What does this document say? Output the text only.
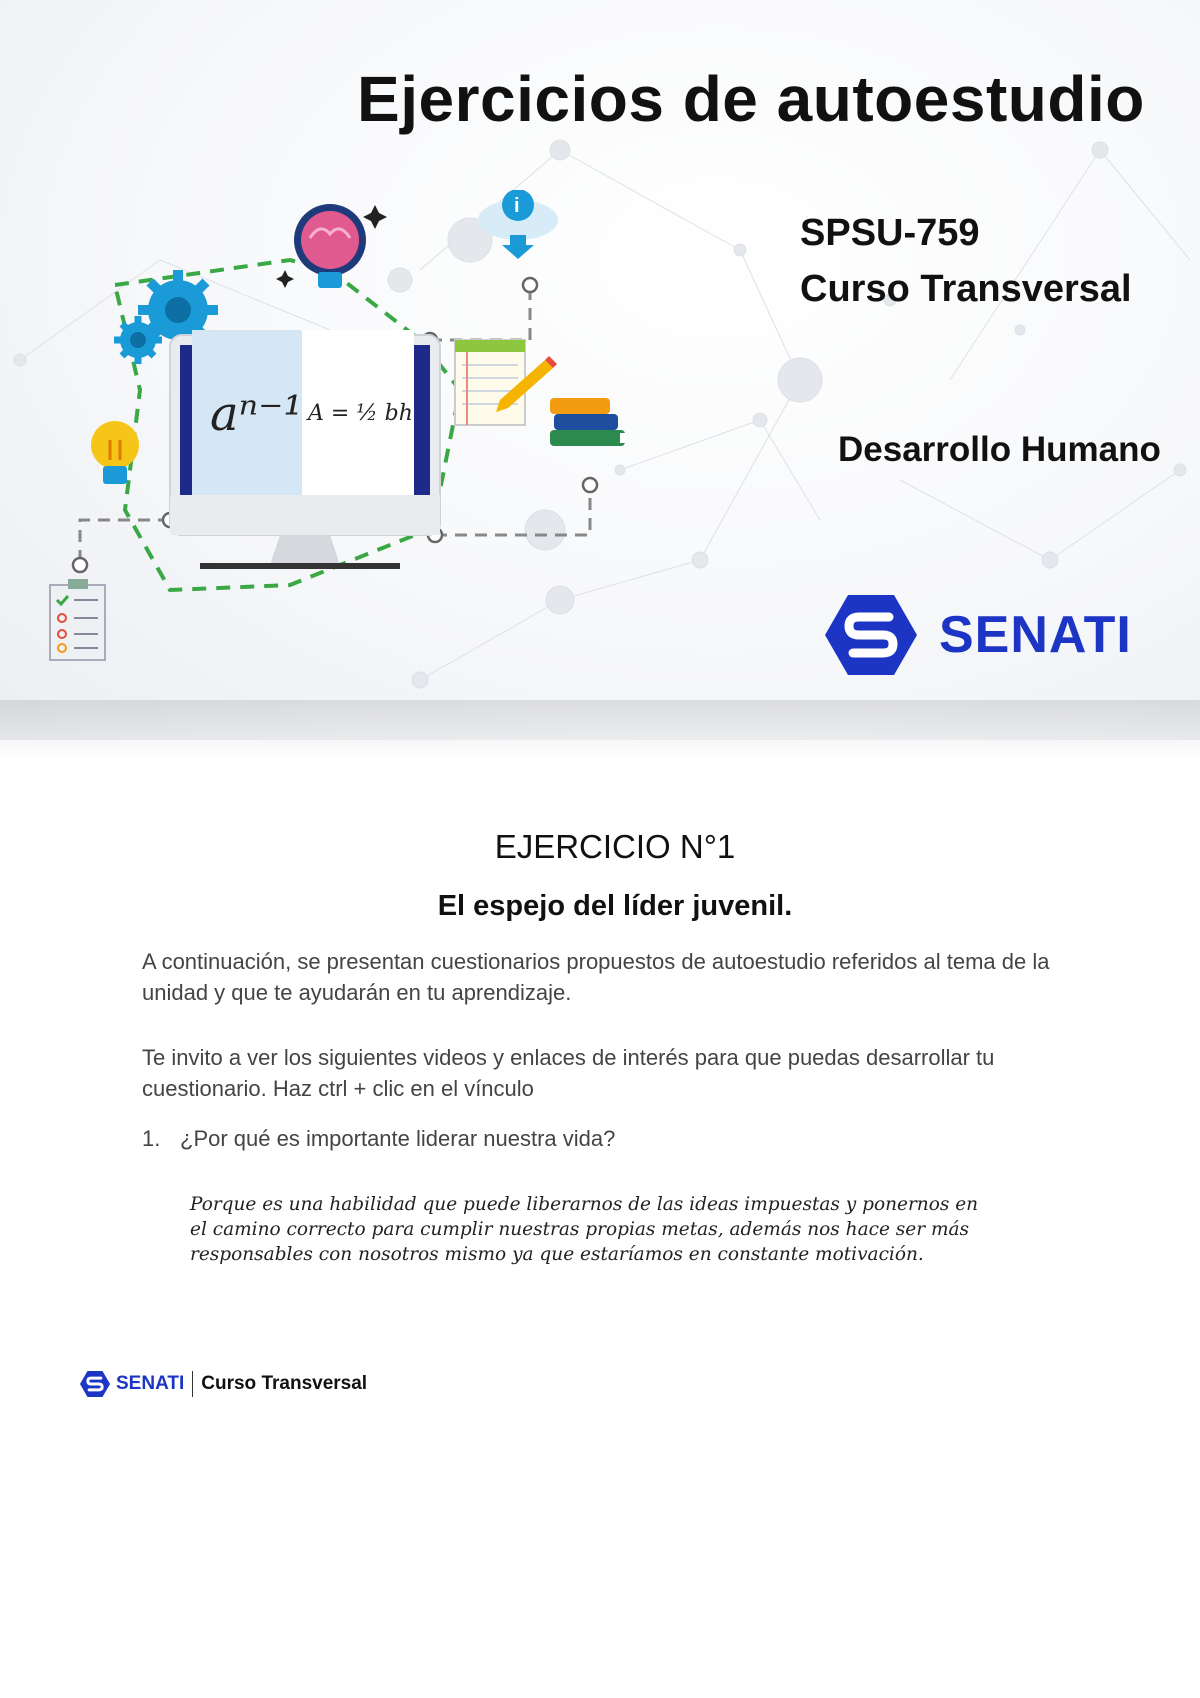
Ejercicios de autoestudio
i
aⁿ⁻¹ A = ½ bh
SPSU-759
Curso Transversal
Desarrollo Humano
SENATI
EJERCICIO N°1
El espejo del líder juvenil.
A continuación, se presentan cuestionarios propuestos de autoestudio referidos al tema de la unidad y que te ayudarán en tu aprendizaje.
Te invito a ver los siguientes videos y enlaces de interés para que puedas desarrollar tu cuestionario. Haz ctrl + clic en el vínculo
1. ¿Por qué es importante liderar nuestra vida?
Porque es una habilidad que puede liberarnos de las ideas impuestas y ponernos en el camino correcto para cumplir nuestras propias metas, además nos hace ser más responsables con nosotros mismo ya que estaríamos en constante motivación.
SENATI Curso Transversal
